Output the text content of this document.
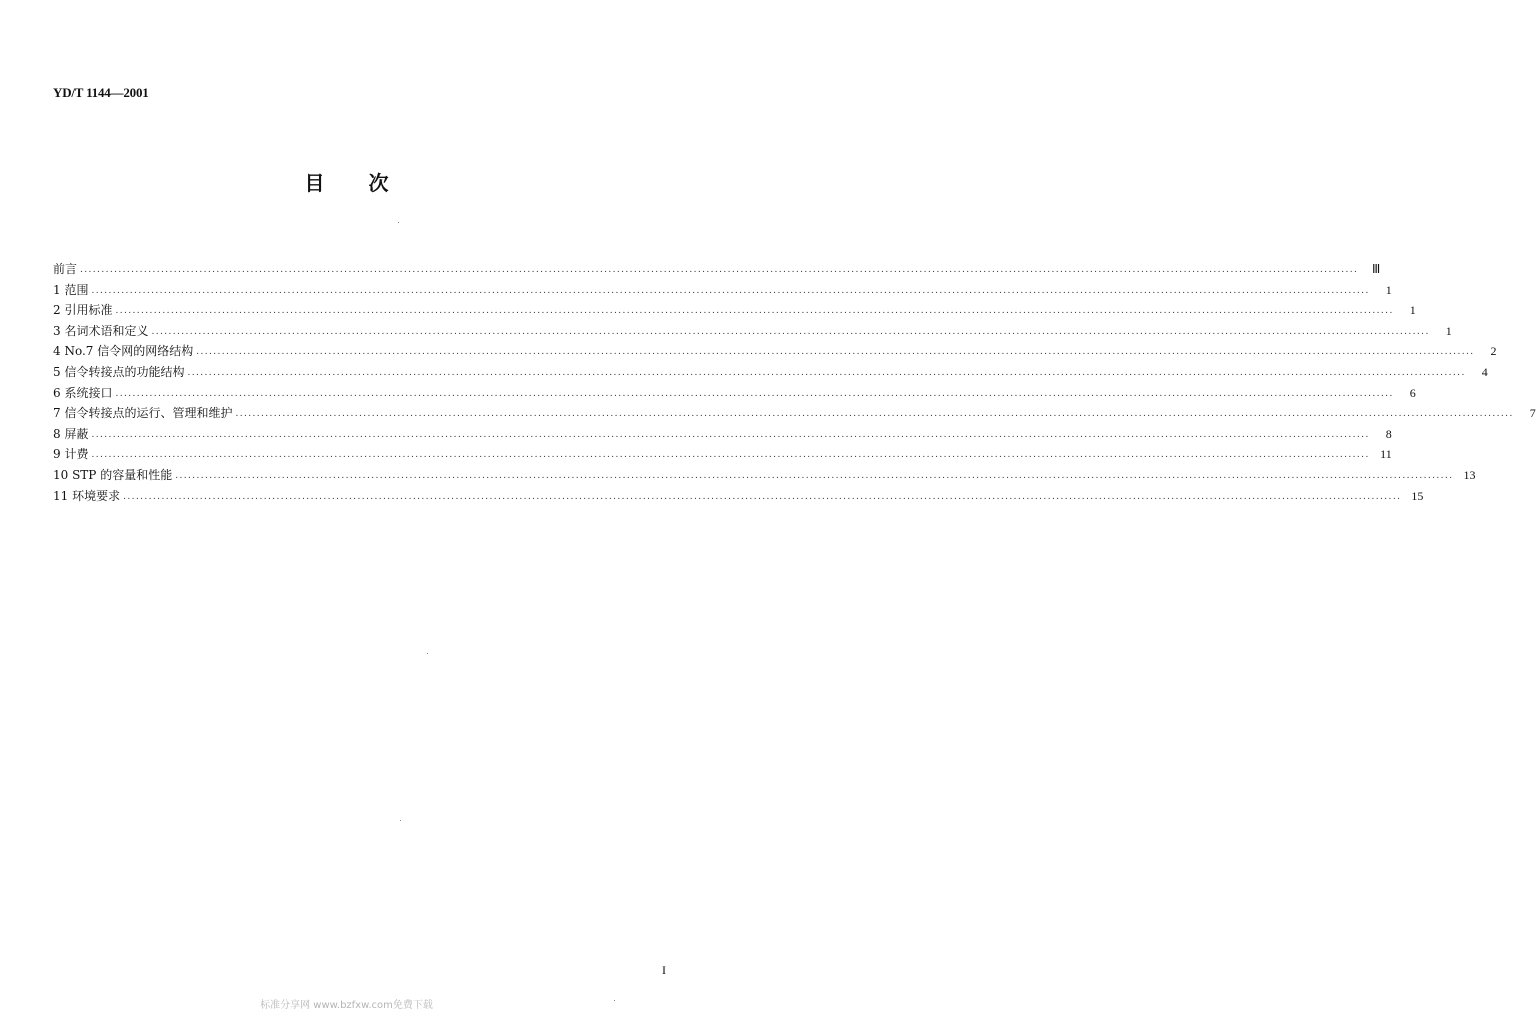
YD/T 1144—2001
目 次
前言 ............................................................................................................................................................................................................................................................................................................	Ⅲ
1 范围 ............................................................................................................................................................................................................................................................................................................	1
2 引用标准 ............................................................................................................................................................................................................................................................................................................	1
3 名词术语和定义 ............................................................................................................................................................................................................................................................................................................	1
4 No.7 信令网的网络结构 ............................................................................................................................................................................................................................................................................................................	2
5 信令转接点的功能结构 ............................................................................................................................................................................................................................................................................................................	4
6 系统接口 ............................................................................................................................................................................................................................................................................................................	6
7 信令转接点的运行、管理和维护 ............................................................................................................................................................................................................................................................................................................	7
8 屏蔽 ............................................................................................................................................................................................................................................................................................................	8
9 计费 ............................................................................................................................................................................................................................................................................................................ 11
10 STP 的容量和性能 ............................................................................................................................................................................................................................................................................................................ 13
11 环境要求 ............................................................................................................................................................................................................................................................................................................ 15
I
标准分享网 www.bzfxw.com免费下载
